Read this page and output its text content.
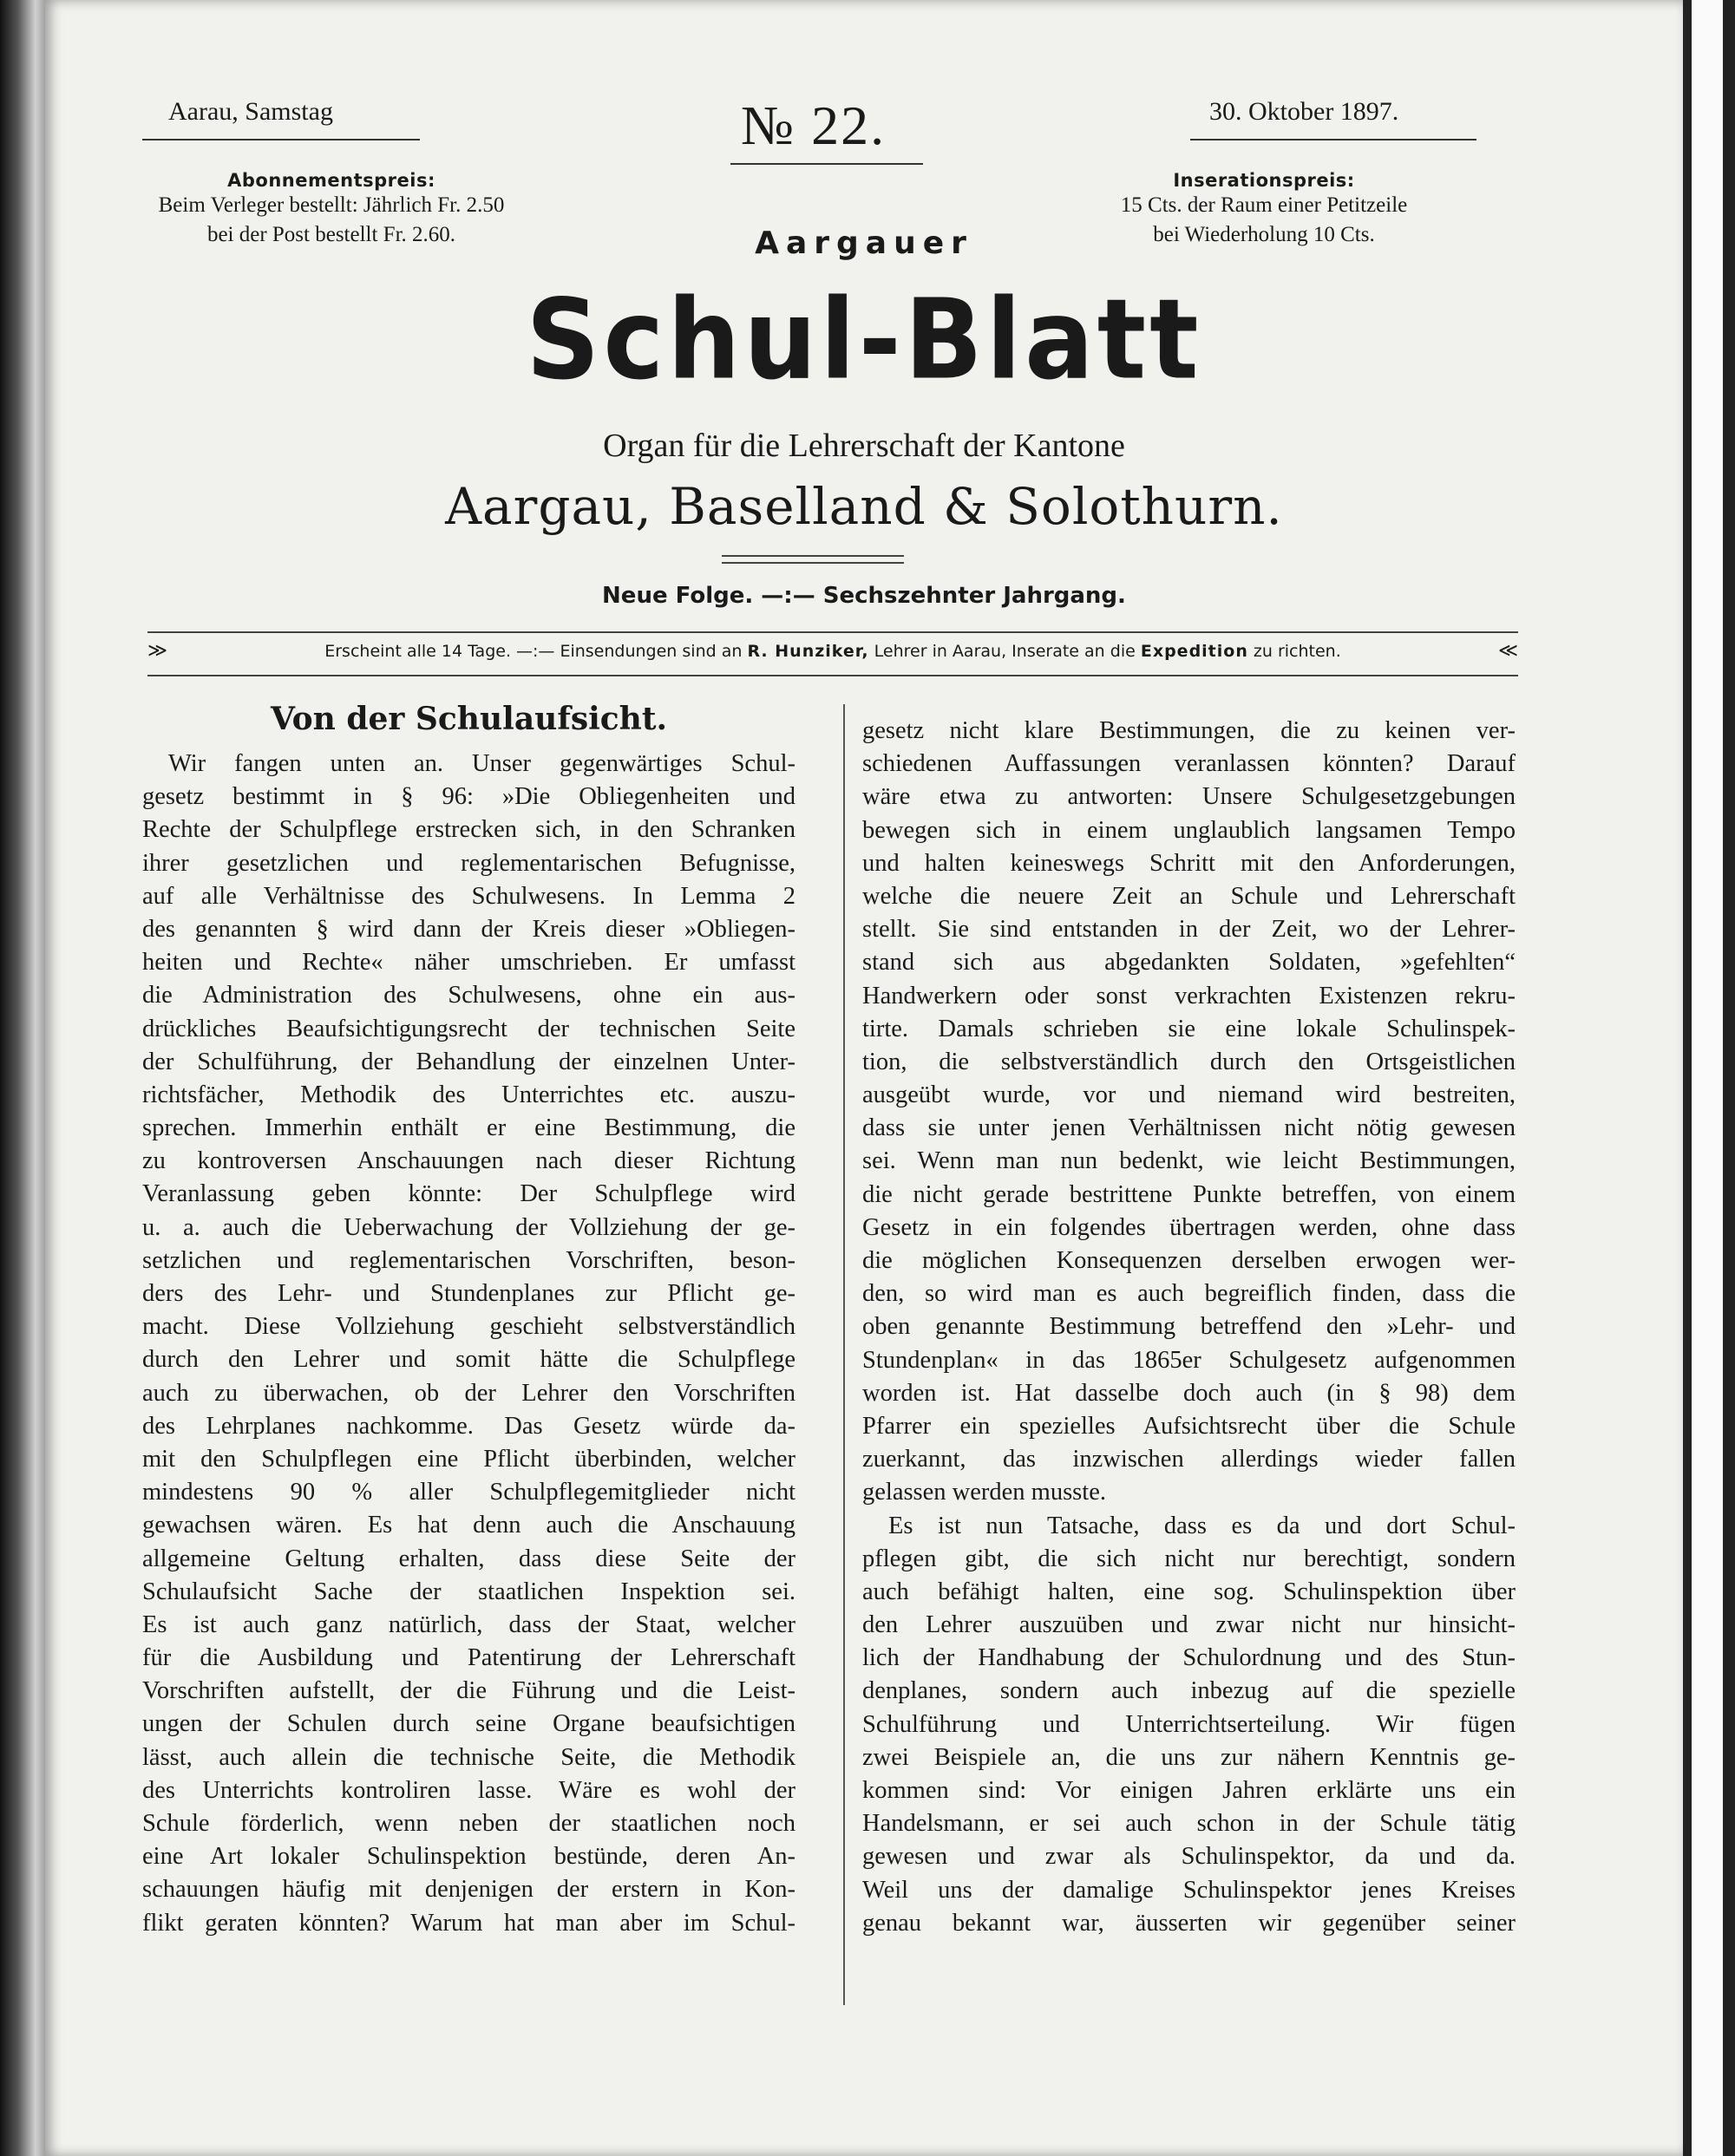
Aarau, Samstag	№ 22.	30. Oktober 1897.
Abonnementspreis:
Beim Verleger bestellt: Jährlich Fr. 2.50
bei der Post bestellt Fr. 2.60.
Inserationspreis:
15 Cts. der Raum einer Petitzeile
bei Wiederholung 10 Cts.
Aargauer
Schul-Blatt
Organ für die Lehrerschaft der Kantone
Aargau, Baselland & Solothurn.
Neue Folge. —:— Sechszehnter Jahrgang.
≫	Erscheint alle 14 Tage. —:— Einsendungen sind an R. Hunziker, Lehrer in Aarau, Inserate an die Expedition zu richten.	≪
Von der Schulaufsicht.
Wir fangen unten an. Unser gegenwärtiges Schul-
gesetz bestimmt in § 96: »Die Obliegenheiten und
Rechte der Schulpflege erstrecken sich, in den Schranken
ihrer gesetzlichen und reglementarischen Befugnisse,
auf alle Verhältnisse des Schulwesens. In Lemma 2
des genannten § wird dann der Kreis dieser »Obliegen-
heiten und Rechte« näher umschrieben. Er umfasst
die Administration des Schulwesens, ohne ein aus-
drückliches Beaufsichtigungsrecht der technischen Seite
der Schulführung, der Behandlung der einzelnen Unter-
richtsfächer, Methodik des Unterrichtes etc. auszu-
sprechen. Immerhin enthält er eine Bestimmung, die
zu kontroversen Anschauungen nach dieser Richtung
Veranlassung geben könnte: Der Schulpflege wird
u. a. auch die Ueberwachung der Vollziehung der ge-
setzlichen und reglementarischen Vorschriften, beson-
ders des Lehr- und Stundenplanes zur Pflicht ge-
macht. Diese Vollziehung geschieht selbstverständlich
durch den Lehrer und somit hätte die Schulpflege
auch zu überwachen, ob der Lehrer den Vorschriften
des Lehrplanes nachkomme. Das Gesetz würde da-
mit den Schulpflegen eine Pflicht überbinden, welcher
mindestens 90 % aller Schulpflegemitglieder nicht
gewachsen wären. Es hat denn auch die Anschauung
allgemeine Geltung erhalten, dass diese Seite der
Schulaufsicht Sache der staatlichen Inspektion sei.
Es ist auch ganz natürlich, dass der Staat, welcher
für die Ausbildung und Patentirung der Lehrerschaft
Vorschriften aufstellt, der die Führung und die Leist-
ungen der Schulen durch seine Organe beaufsichtigen
lässt, auch allein die technische Seite, die Methodik
des Unterrichts kontroliren lasse. Wäre es wohl der
Schule förderlich, wenn neben der staatlichen noch
eine Art lokaler Schulinspektion bestünde, deren An-
schauungen häufig mit denjenigen der erstern in Kon-
flikt geraten könnten? Warum hat man aber im Schul-
gesetz nicht klare Bestimmungen, die zu keinen ver-
schiedenen Auffassungen veranlassen könnten? Darauf
wäre etwa zu antworten: Unsere Schulgesetzgebungen
bewegen sich in einem unglaublich langsamen Tempo
und halten keineswegs Schritt mit den Anforderungen,
welche die neuere Zeit an Schule und Lehrerschaft
stellt. Sie sind entstanden in der Zeit, wo der Lehrer-
stand sich aus abgedankten Soldaten, »gefehlten“
Handwerkern oder sonst verkrachten Existenzen rekru-
tirte. Damals schrieben sie eine lokale Schulinspek-
tion, die selbstverständlich durch den Ortsgeistlichen
ausgeübt wurde, vor und niemand wird bestreiten,
dass sie unter jenen Verhältnissen nicht nötig gewesen
sei. Wenn man nun bedenkt, wie leicht Bestimmungen,
die nicht gerade bestrittene Punkte betreffen, von einem
Gesetz in ein folgendes übertragen werden, ohne dass
die möglichen Konsequenzen derselben erwogen wer-
den, so wird man es auch begreiflich finden, dass die
oben genannte Bestimmung betreffend den »Lehr- und
Stundenplan« in das 1865er Schulgesetz aufgenommen
worden ist. Hat dasselbe doch auch (in § 98) dem
Pfarrer ein spezielles Aufsichtsrecht über die Schule
zuerkannt, das inzwischen allerdings wieder fallen
gelassen werden musste.
Es ist nun Tatsache, dass es da und dort Schul-
pflegen gibt, die sich nicht nur berechtigt, sondern
auch befähigt halten, eine sog. Schulinspektion über
den Lehrer auszuüben und zwar nicht nur hinsicht-
lich der Handhabung der Schulordnung und des Stun-
denplanes, sondern auch inbezug auf die spezielle
Schulführung und Unterrichtserteilung. Wir fügen
zwei Beispiele an, die uns zur nähern Kenntnis ge-
kommen sind: Vor einigen Jahren erklärte uns ein
Handelsmann, er sei auch schon in der Schule tätig
gewesen und zwar als Schulinspektor, da und da.
Weil uns der damalige Schulinspektor jenes Kreises
genau bekannt war, äusserten wir gegenüber seiner
